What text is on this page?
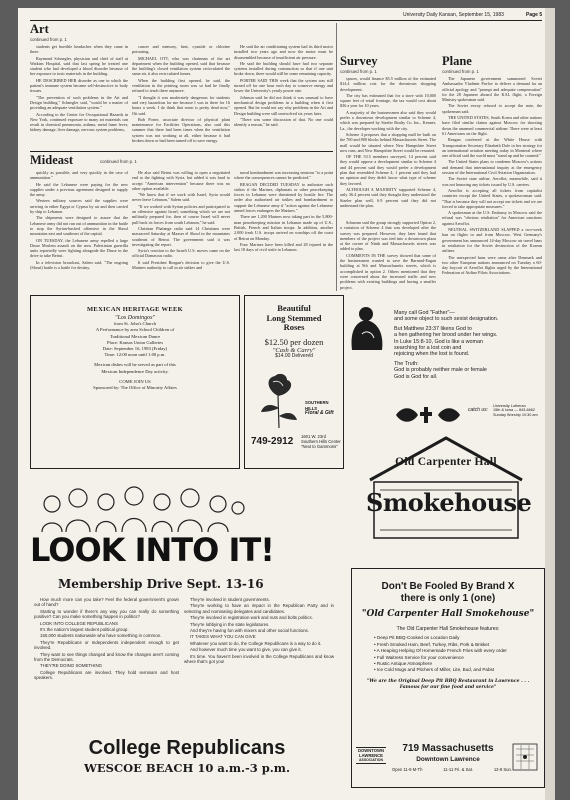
University Daily Kansan, September 15, 1983	Page 5
Art
continued from p. 1

students get horrible headaches when they came in there.

Raymond Schnegler, physician and chief of staff at Watkins Hospital, said that last spring he treated one student who had developed a blood disorder because of her exposure to toxic materials in the building.

HE DESCRIBED HER disorder as one in which the patient's immune system became self-destructive to body tissues.

"The prevention of such problems in the Art and Design building," Schnegler said, "would be a matter of providing an adequate ventilation system."

According to the Center for Occupational Hazards in New York, continued exposure to many art materials can result in chemical pneumonia, asthma, metal fume fever, kidney damage, liver damage, nervous system problems,

cancer and memory, heat, cyanide or chlorine poisoning.

MICHAEL OTT, who was chairman of the art department when the building opened, said that because the building's closed ventilation system recirculated the same air, it also recirculated fumes.

When the building first opened, he said, the ventilation in the printing room was so bad he finally refused to teach there anymore.

"I thought it was moderately dangerous for students and very hazardous for me because I was in there for 16 hours a week. I do think that room is pretty dead now," Ott said.

Bob Porter, associate director of physical plant maintenance for Facilities Operations, also said this summer that there had been times when the ventilation system was not working at all, either because it had broken down or had been turned off to save energy.

He said the air conditioning system had its third motor installed two years ago and now the motor must be disassembled because of insufficient air pressure.

He said the building should have had two separate systems installed during construction so that if one unit broke down, there would still be some remaining capacity.

PORTER SAID THIS week that the system was still turned off for one hour each day to conserve energy and lower the University's yearly power rate.

Johnson said he did not think it was unusual to have mechanical design problems in a building when it first opened. But he could not say why problems in the Art and Design building were still unresolved six years later.

"There was some discussion of that. No one could identify a reason," he said.

Survey
continued from p. 1

spaces, would finance $5.5 million of the estimated $14.4 million cost for the downtown shopping development.

The city has estimated that for a store with 10,000 square feet of retail frontage, the tax would cost about $36 a year for 10 years.

A majority of the businessmen also said they would prefer a downtown development similar to Scheme 4, which was prepared by Sizeler Realty Co. Inc., Kenner, La., the developer working with the city.

Scheme 4 proposes that a shopping mall be built on the 700 and 800 blocks behind Massachusetts Street. The mall would be situated where New Hampshire Street now runs, and New Hampshire Street would be rerouted.

OF THE 53.5 members surveyed, 14 percent said they would oppose a development similar to Scheme 4 and 44 percent said they would prefer a development plan that resembled Scheme 4, 1 percent said they had no opinion and they didn't know what type of scheme they favored.

ALTHOUGH A MAJORITY supported Scheme 4, only 36.4 percent said they thought they understood the Sizeler plan well, 6.9 percent said they did not understand the plan.

Schumm said the group strongly supported Option 2, a variation of Scheme 4 that was developed after the survey was prepared. However, they later found that members of the project was tied into a downtown plaza at the corner of Ninth and Massachusetts streets was added to plan.

COMMENTS IN THE survey showed that some of the businessmen wanted to save the Barnard-Eagan building at 9th and Massachusetts streets, which is accomplished in option 2. Others mentioned that they were concerned about the increased traffic and new problems with existing buildings and having a smaller project.

Plane
continued from p. 1

The Japanese government summoned Soviet Ambassador Vladimir Pavlov to deliver a demand for an official apology and "prompt and adequate compensation" for the 28 Japanese aboard the KAL flight, a Foreign Ministry spokesman said.

The Soviet envoy refused to accept the note, the spokesman said.

THE UNITED STATES, South Korea and other nations have filed similar claims against Moscow for shooting down the unarmed commercial airliner. There were at least 61 Americans on the flight.

Reagan conferred at the White House with Transportation Secretary Elizabeth Dole in her strategy for an international aviation meeting today in Montreal where one official said the world must "stand up and be counted."

The United States plans to condemn Moscow's actions and demand that international inquiry at the emergency session of the International Civil Aviation Organization.

The Soviet state airline, Aeroflot, meanwhile, said it was not honoring any tickets issued by U.S. carriers.

Aeroflot is accepting all tickets from capitalist countries except the United States, a spokeswoman said. "That is because they will not accept our tickets and we are forced to take appropriate measures."

A spokesman at the U.S. Embassy in Moscow said the refusal was "obvious retaliation" for American sanctions against Aeroflot.

NEUTRAL SWITZERLAND SLAPPED a two-week ban on flights to and from Moscow. West Germany's government has announced 14-day Moscow air travel bans in retaliation for the Soviet destruction of the Korean airliner.

The unexpected bans were came after Denmark and two other European nations announced on Tuesday a 60-day boycott of Aeroflot flights urged by the International Federation of Airline Pilots Associations.

Mideast	continued from p. 1

quickly as possible, and very quickly in the case of ammunition."

He said the Lebanese were paying for the new supplies under a previous agreement designed to supply the army.

Western military sources said the supplies were arriving in either Egypt or Cyprus by air and then carried by ship to Lebanon.

The shipments were designed to assure that the Lebanese army did not run out of ammunition in the battle to stop the Syrian-backed offensive in the Shouf mountains east and southeast of the capital.

ON TUESDAY, the Lebanese army repelled a large Druse Moslem assault on the area. Palestinian guerrilla units reportedly were fighting alongside the Druse in the drive to take Beirut.

In a television broadcast, Salem said, "The ongoing (Shouf) battle is a battle for destiny.

He also said Beirut was willing to open a negotiated end to the fighting with Syria, but added it was hard to accept "American intervention" because there was no other option available.

"We know that if we work with Israel, Syria would never leave Lebanon," Salem said.

"If we worked with Syrian policies and participated to an offensive against Israel, something which we are not militarily prepared for, then of course Israel will never pull back its forces from south Lebanon," he said.

Christian Phalange radio said 14 Christians were massacred Saturday at Maaser el Shouf in the mountains southeast of Beirut. The government said it was investigating the report.

Syria's reaction to the Israeli U.S. moves came on the official Damascus radio.

It said President Reagan's decision to give the U.S. Marines authority to call in air strikes and

naval bombardment was increasing tensions "to a point where the consequences cannot be predicted."

REAGAN DECIDED TUESDAY to authorize such strikes if the Marines, diplomats or other peacekeeping forces in Lebanon were threatened by hostile fire. The order also authorized air strikes and bombardment to support the Lebanese army if "action against the Lebanese armed forces endangers the Marines."

There are 1,200 Marines now taking part in the 5,800-man peacekeeping mission in Lebanon made up of U.S., British, French and Italian troops. In addition, another 2,000 fresh U.S. troops arrived on warships off the coast of Beirut on Monday.

Four Marines have been killed and 28 injured in the last 18 days of civil strife in Lebanon.

MEXICAN HERITAGE WEEK
"Los Domingos"
from St. John's Church
A Performance by area School Children of
Traditional Mexican Dance
Place: Kansas Union Galleries
Date: September 16, 1983 (Friday)
Time: 12:00 noon until 1:00 p.m.
Mexican dishes will be served as part of this
Mexican Independence Day activity.
COME JOIN US
Sponsored by: The Office of Minority Affairs
Beautiful
Long Stemmed
Roses
$12.50 per dozen
"Cash & Carry"
$14.00 Delivered
SOUTHERN HILLS
Floral & Gift
749-2912 1601 W. 23rd
Southern Hills Center
"Next to Gammons"
Many call God "Father"—
and some object to such sexist designation.
But Matthew 23:37 likens God to
a hen gathering her brood under her wings.
In Luke 15:8-10, God is like a woman
searching for a lost coin and
rejoicing when the lost is found.
The Truth:
God is probably neither male or female
God is God for all.
catch us:
University Lutheran
15th & Iowa — 843-6662
Sunday Worship 10:30 am
Old Carpenter Hall
Smokehouse
LOOK INTO IT!
Membership Drive Sept. 13-16

How much more can you take? Feel the federal government's grown out of hand?

Starting to wonder if there's any way you can really do something positive? Can you make something happen in politics?

LOOK INTO COLLEGE REPUBLICANS

It's the nation's largest student political group.

150,000 students nationwide who have something in common.

They're Republicans or Independents independent enough to get involved.

They want to see things changed and know the changes aren't coming from the Democrats.

THEY'RE DOING SOMETHING

College Republicans are involved. They hold seminars and host speakers.

They're involved in student governments.

They're working to have an impact in the Republican Party and in selecting and nominating delegates and candidates.

They're involved in registration work and nuts and bolts politics.

They're lobbying in the state legislatures.

And they're having fun with mixers and other social functions.

IT TAKES WHAT YOU CAN GIVE

Whatever you want to do, the College Republicans is a way to do it.

And however much time you want to give, you can give it.

It's time. You haven't been involved in the College Republicans and know where that's got you!

College Republicans
WESCOE BEACH 10 a.m.-3 p.m.
Don't Be Fooled By Brand X
there is only 1 (one)
"Old Carpenter Hall Smokehouse"
The Old Carpenter Hall Smokehouse features:
• Deep Pit BBQ-Cooked on Location Daily
• Fresh Smoked Ham, Beef, Turkey, Ribs, Pork & Brisket
• A Heaping Helping Of Homemade French Fries with every order
• Full Waitress Service for your convenience
• Rustic Antique Atmosphere
• Ice Cold Mugs and Pitchers of Miller, Lite, Bud, and Pabst
"We are the Original Deep Pit BBQ Restaurant in Lawrence . . .
Famous for our fine food and service"
DOWNTOWN
LAWRENCE
ASSOCIATION
719 Massachusetts
Downtown Lawrence
Open 11-9 M-Th	11-11 Fri. & Sat.	12-9 Sun.
